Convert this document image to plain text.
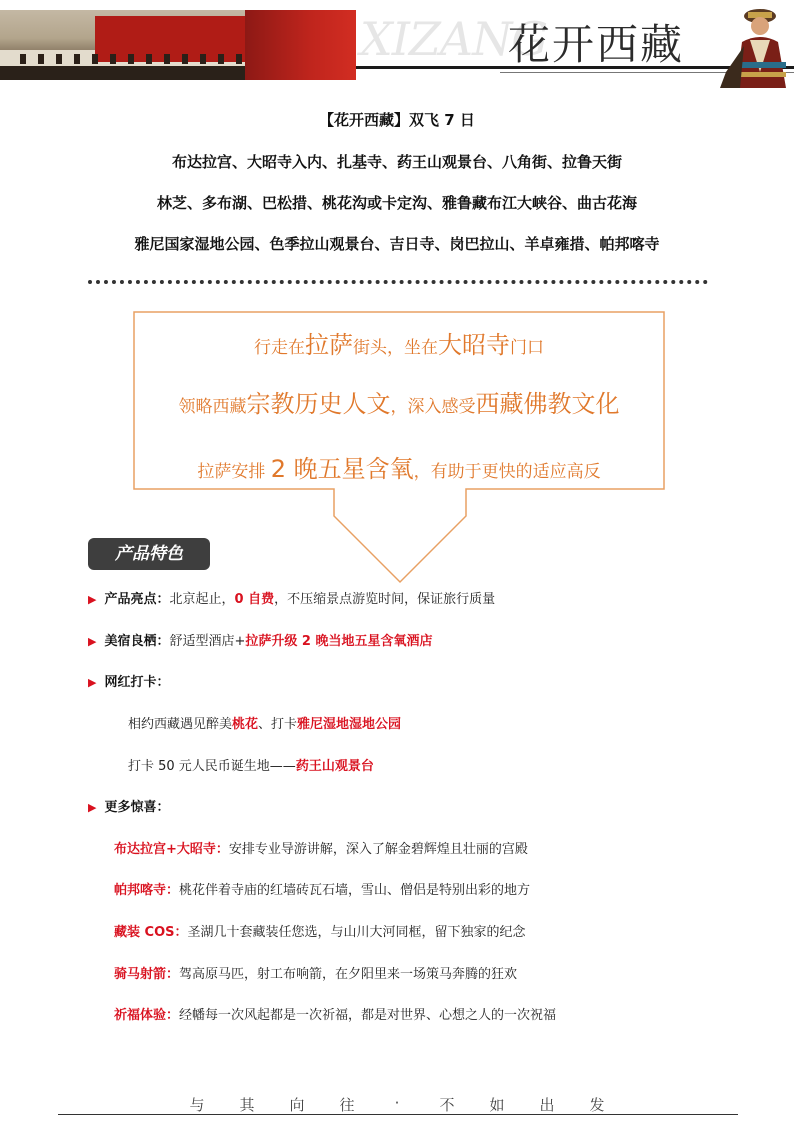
XIZANG
花开西藏
【花开西藏】双飞 7 日
布达拉宫、大昭寺入内、扎基寺、药王山观景台、八角街、拉鲁天街
林芝、多布湖、巴松措、桃花沟或卡定沟、雅鲁藏布江大峡谷、曲古花海
雅尼国家湿地公园、色季拉山观景台、吉日寺、岗巴拉山、羊卓雍措、帕邦喀寺
行走在拉萨街头，坐在大昭寺门口
领略西藏宗教历史人文，深入感受西藏佛教文化
拉萨安排 2 晚五星含氧，有助于更快的适应高反
产品特色
▶ 产品亮点：北京起止，0 自费，不压缩景点游览时间，保证旅行质量
▶ 美宿良栖：舒适型酒店+拉萨升级 2 晚当地五星含氧酒店
▶ 网红打卡：
相约西藏遇见醉美桃花、打卡雅尼湿地湿地公园
打卡 50 元人民币诞生地——药王山观景台
▶ 更多惊喜：
布达拉宫+大昭寺：安排专业导游讲解，深入了解金碧辉煌且壮丽的宫殿
帕邦喀寺：桃花伴着寺庙的红墙砖瓦石墙，雪山、僧侣是特别出彩的地方
藏装 COS：圣湖几十套藏装任您选，与山川大河同框，留下独家的纪念
骑马射箭：驾高原马匹，射工布响箭，在夕阳里来一场策马奔腾的狂欢
祈福体验：经幡每一次风起都是一次祈福，都是对世界、心想之人的一次祝福
与	其	向	往	·	不	如	出	发
